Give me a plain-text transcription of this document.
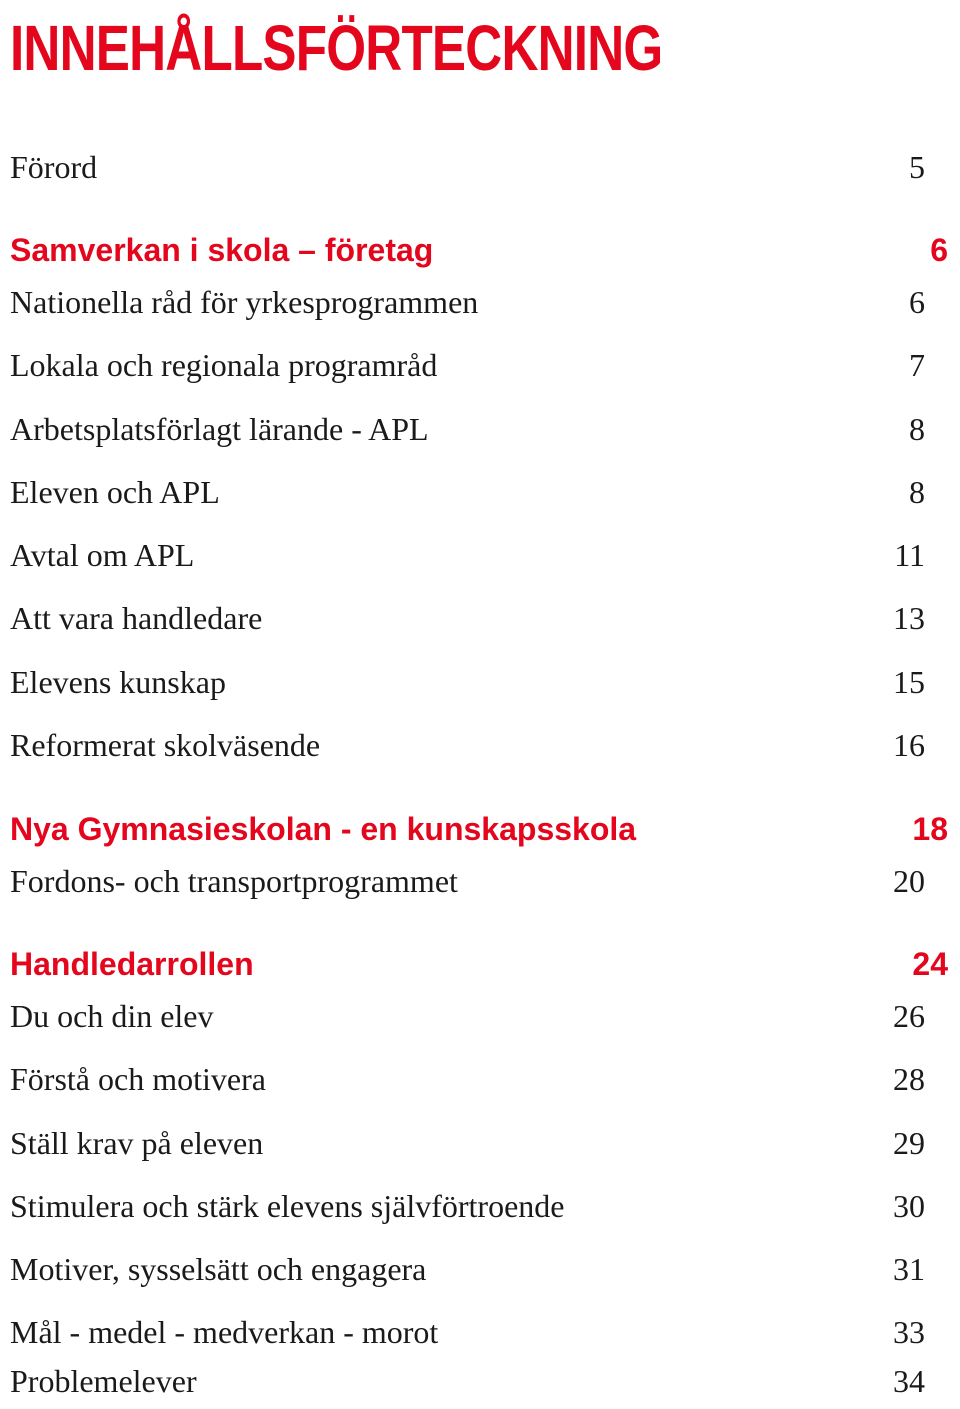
INNEHÅLLSFÖRTECKNING
Förord	5
Samverkan i skola – företag	6
Nationella råd för yrkesprogrammen	6
Lokala och regionala programråd	7
Arbetsplatsförlagt lärande - APL	8
Eleven och APL	8
Avtal om APL	11
Att vara handledare	13
Elevens kunskap	15
Reformerat skolväsende	16
Nya Gymnasieskolan - en kunskapsskola	18
Fordons- och transportprogrammet	20
Handledarrollen	24
Du och din elev	26
Förstå och motivera	28
Ställ krav på eleven	29
Stimulera och stärk elevens självförtroende	30
Motiver, sysselsätt och engagera	31
Mål - medel - medverkan - morot	33
Problemelever	34
